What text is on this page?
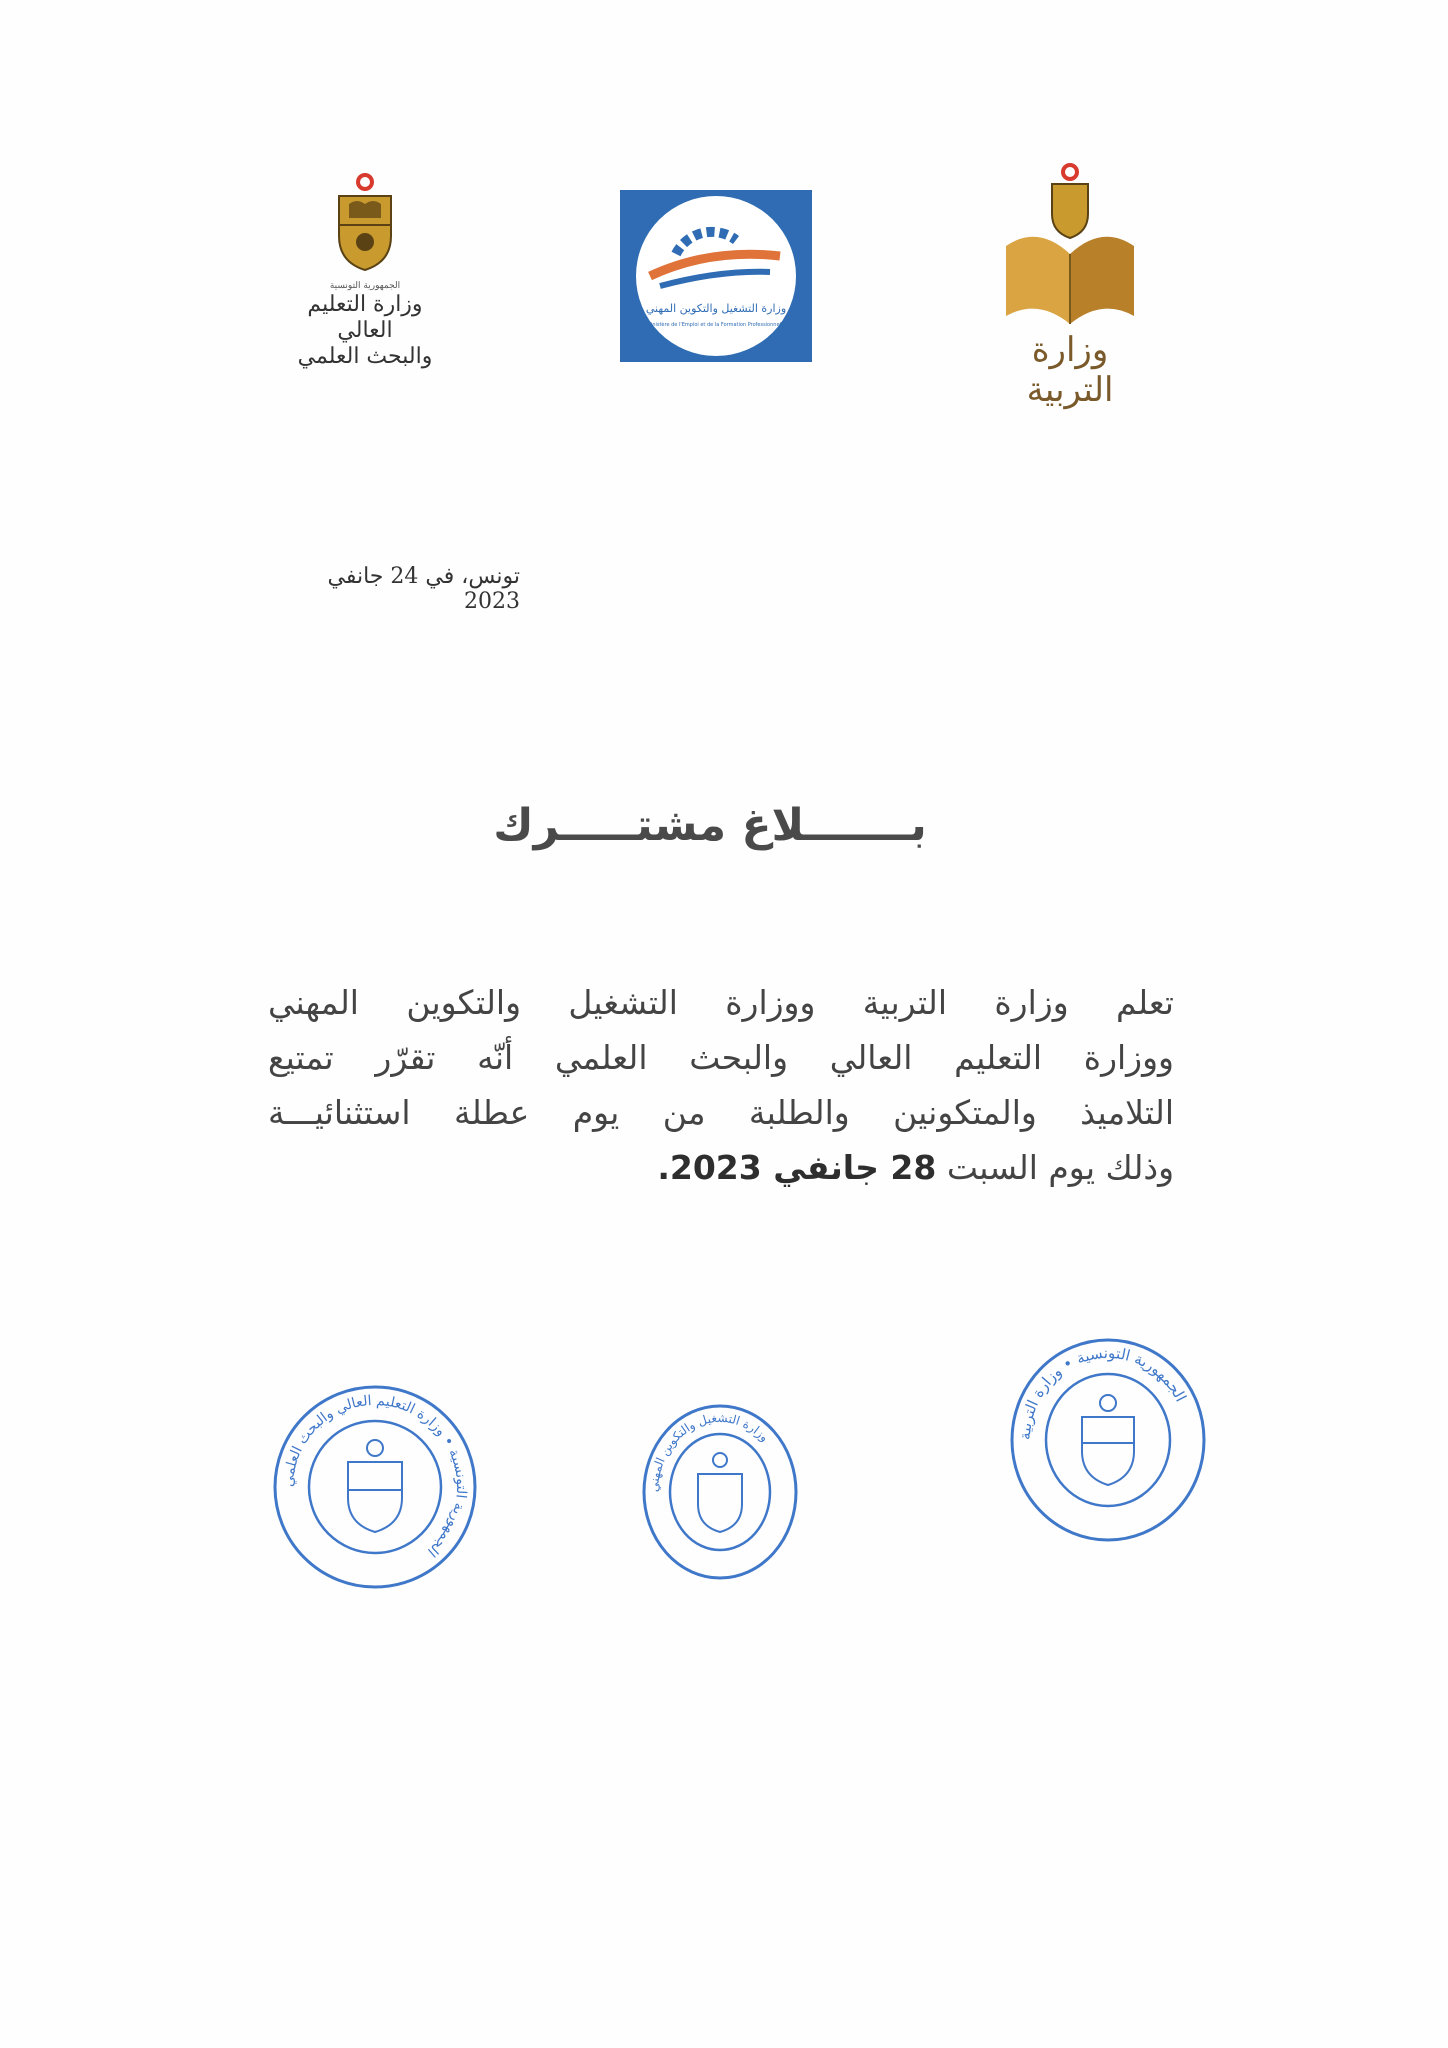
الجمهورية التونسية
وزارة التعليم العالي
والبحث العلمي
وزارة التشغيل والتكوين المهني
Ministère de l'Emploi et de la Formation Professionnelle
وزارة التربية
تونس، في 24 جانفي 2023
بـــــــلاغ مشتـــــرك
تعلم وزارة التربية ووزارة التشغيل والتكوين المهني
ووزارة التعليم العالي والبحث العلمي أنّه تقرّر تمتيع
التلاميذ والمتكونين والطلبة من يوم عطلة استثنائيـــة
وذلك يوم السبت 28 جانفي 2023.
الجمهورية التونسية • وزارة التعليم العالي والبحث العلمي
وزارة التشغيل والتكوين المهني	الجمهورية التونسية • وزارة التربية
